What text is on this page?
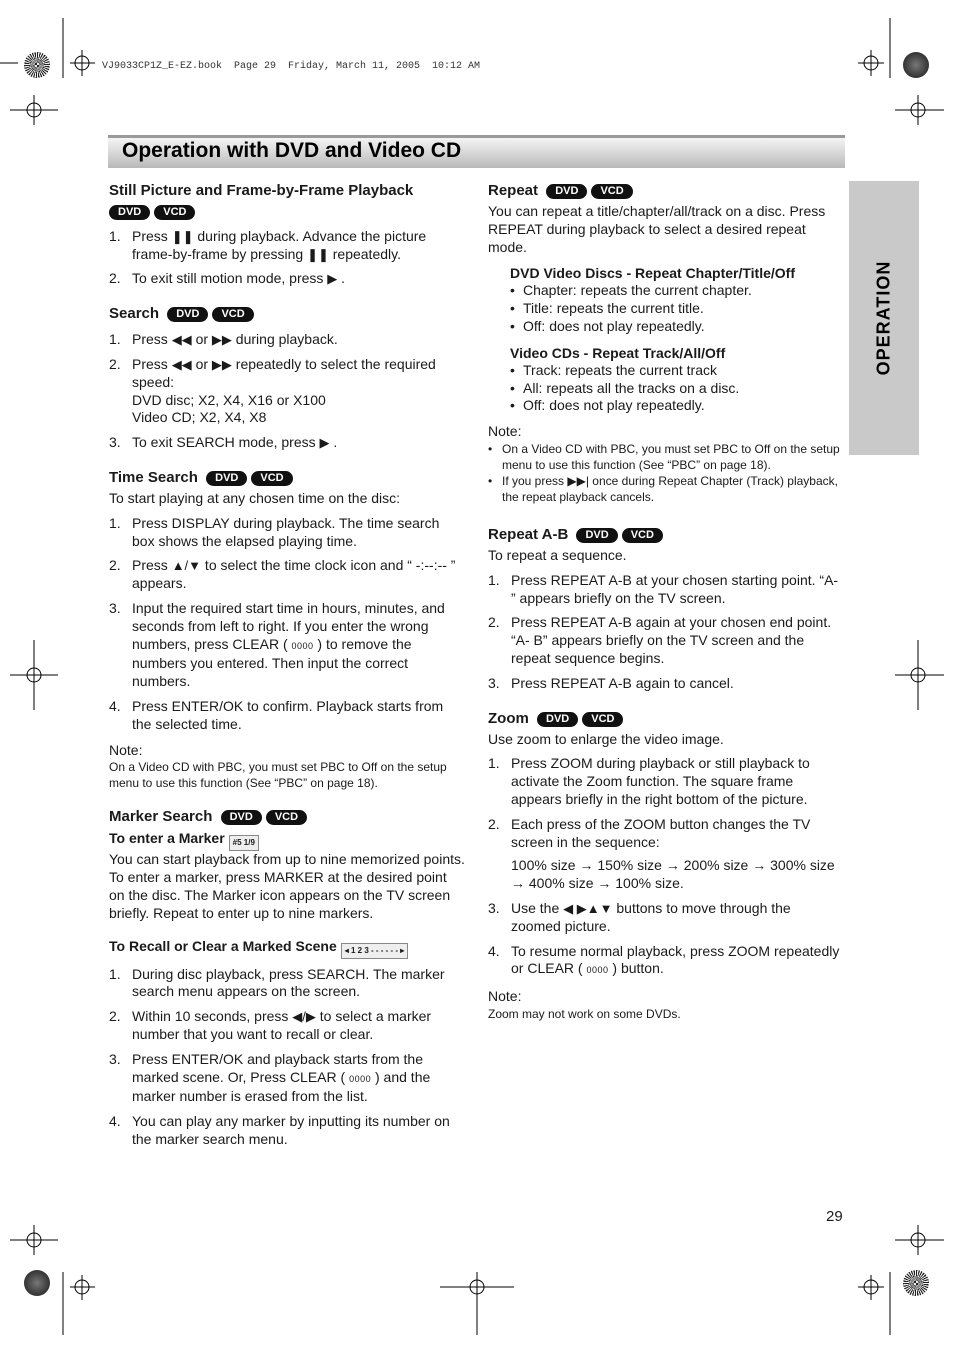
VJ9033CP1Z_E-EZ.book  Page 29  Friday, March 11, 2005  10:12 AM
Operation with DVD and Video CD
OPERATION
Still Picture and Frame-by-Frame Playback
DVD VCD
1. Press ❚❚ during playback. Advance the picture frame-by-frame by pressing ❚❚ repeatedly.
2. To exit still motion mode, press ▶ .
Search DVD VCD
1. Press ◀◀ or ▶▶ during playback.
2. Press ◀◀ or ▶▶ repeatedly to select the required speed:
DVD disc; X2, X4, X16 or X100
Video CD; X2, X4, X8
3. To exit SEARCH mode, press ▶ .
Time Search DVD VCD

To start playing at any chosen time on the disc:

1. Press DISPLAY during playback. The time search box shows the elapsed playing time.
2. Press ▲/▼ to select the time clock icon and “ -:--:-- ” appears.
3. Input the required start time in hours, minutes, and seconds from left to right. If you enter the wrong numbers, press CLEAR ( 0000 ) to remove the numbers you entered. Then input the correct numbers.
4. Press ENTER/OK to confirm. Playback starts from the selected time.

Note:

On a Video CD with PBC, you must set PBC to Off on the setup menu to use this function (See “PBC” on page 18).

Marker Search DVD VCD
To enter a Marker #5 1/9

You can start playback from up to nine memorized points. To enter a marker, press MARKER at the desired point on the disc. The Marker icon appears on the TV screen briefly. Repeat to enter up to nine markers.

To Recall or Clear a Marked Scene ◂ 1 2 3 - - - - - - ▸
1. During disc playback, press SEARCH. The marker search menu appears on the screen.
2. Within 10 seconds, press ◀/▶ to select a marker number that you want to recall or clear.
3. Press ENTER/OK and playback starts from the marked scene. Or, Press CLEAR ( 0000 ) and the marker number is erased from the list.
4. You can play any marker by inputting its number on the marker search menu.
Repeat DVD VCD

You can repeat a title/chapter/all/track on a disc. Press REPEAT during playback to select a desired repeat mode.

DVD Video Discs - Repeat Chapter/Title/Off

• Chapter: repeats the current chapter.
• Title: repeats the current title.
• Off: does not play repeatedly.

Video CDs - Repeat Track/All/Off

• Track: repeats the current track
• All: repeats all the tracks on a disc.
• Off: does not play repeatedly.

Note:

• On a Video CD with PBC, you must set PBC to Off on the setup menu to use this function (See “PBC” on page 18).
• If you press ▶▶| once during Repeat Chapter (Track) playback, the repeat playback cancels.
Repeat A-B DVD VCD

To repeat a sequence.

1. Press REPEAT A-B at your chosen starting point. “A- ” appears briefly on the TV screen.
2. Press REPEAT A-B again at your chosen end point. “A- B” appears briefly on the TV screen and the repeat sequence begins.
3. Press REPEAT A-B again to cancel.
Zoom DVD VCD

Use zoom to enlarge the video image.

1. Press ZOOM during playback or still playback to activate the Zoom function. The square frame appears briefly in the right bottom of the picture.
2. Each press of the ZOOM button changes the TV screen in the sequence:
100% size → 150% size → 200% size → 300% size → 400% size → 100% size.
3. Use the ◀ ▶▲▼ buttons to move through the zoomed picture.
4. To resume normal playback, press ZOOM repeatedly or CLEAR ( 0000 ) button.

Note:

Zoom may not work on some DVDs.

29
